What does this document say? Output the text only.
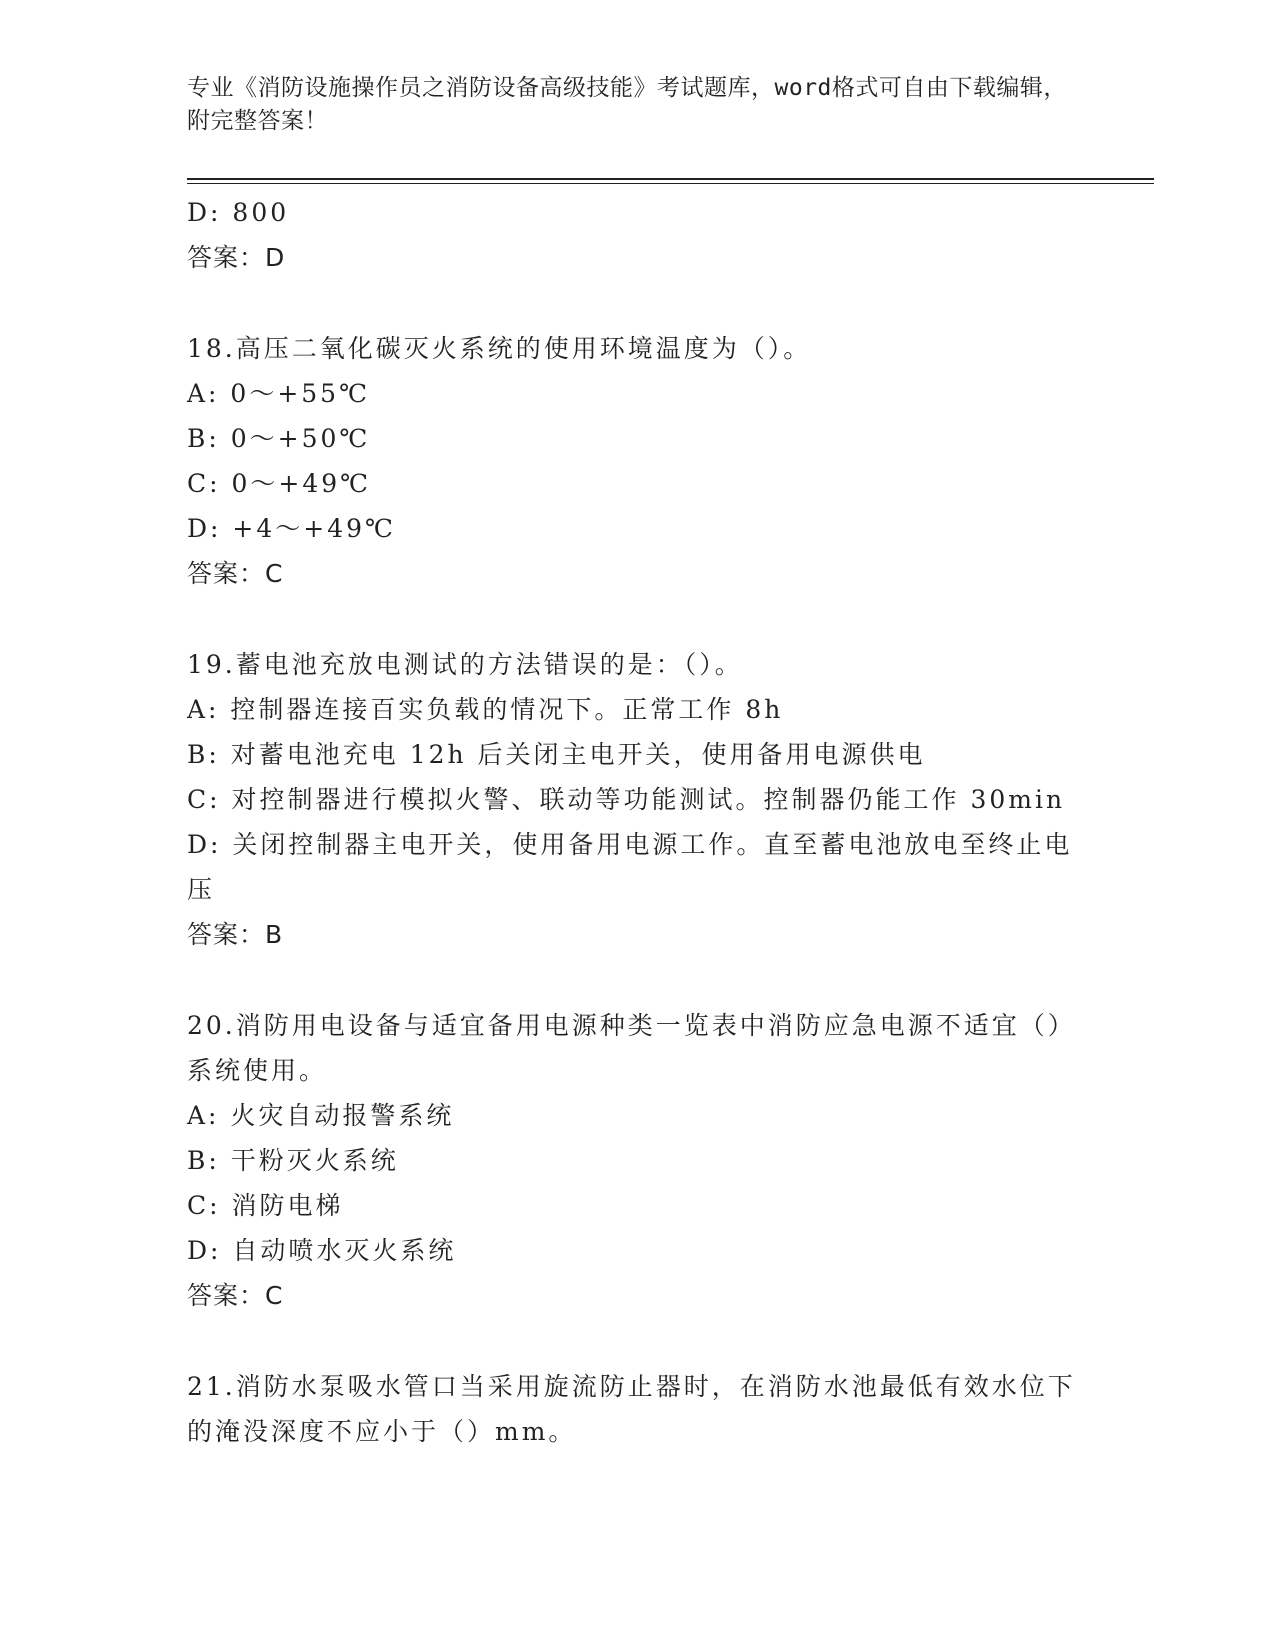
专业《消防设施操作员之消防设备高级技能》考试题库，word格式可自由下载编辑，附完整答案！
D: 800
答案：D
18.高压二氧化碳灭火系统的使用环境温度为（）。
A: 0～+55℃
B: 0～+50℃
C: 0～+49℃
D: +4～+49℃
答案：C
19.蓄电池充放电测试的方法错误的是：（）。
A: 控制器连接百实负载的情况下。正常工作 8h
B: 对蓄电池充电 12h 后关闭主电开关，使用备用电源供电
C: 对控制器进行模拟火警、联动等功能测试。控制器仍能工作 30min
D: 关闭控制器主电开关，使用备用电源工作。直至蓄电池放电至终止电压
答案：B
20.消防用电设备与适宜备用电源种类一览表中消防应急电源不适宜（）系统使用。
A: 火灾自动报警系统
B: 干粉灭火系统
C: 消防电梯
D: 自动喷水灭火系统
答案：C
21.消防水泵吸水管口当采用旋流防止器时，在消防水池最低有效水位下的淹没深度不应小于（）mm。
